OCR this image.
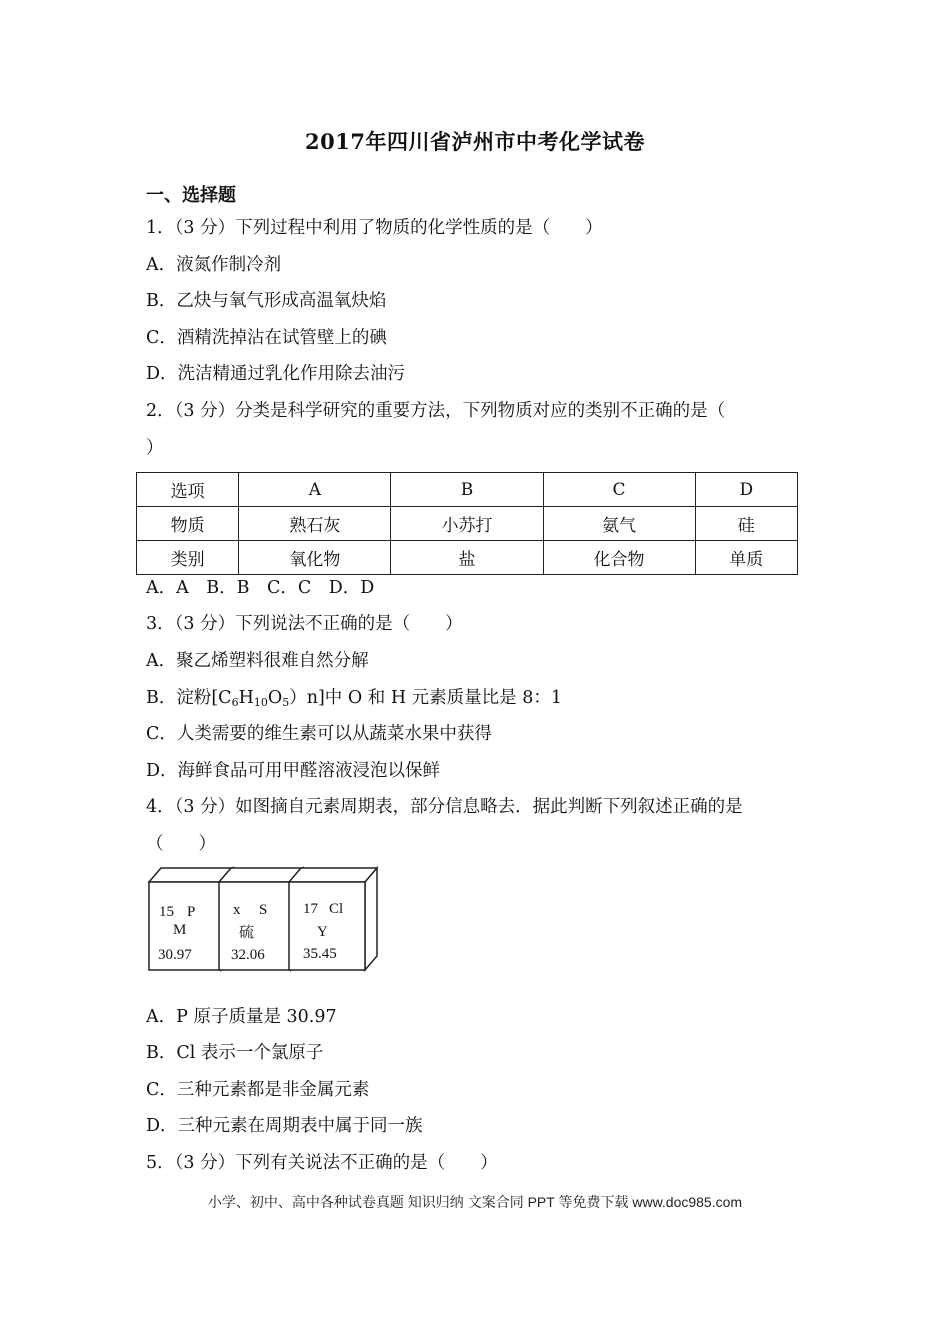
2017年四川省泸州市中考化学试卷
一、选择题
1．（3 分）下列过程中利用了物质的化学性质的是（　　）
A．液氮作制冷剂
B．乙炔与氧气形成高温氧炔焰
C．酒精洗掉沾在试管壁上的碘
D．洗洁精通过乳化作用除去油污
2．（3 分）分类是科学研究的重要方法，下列物质对应的类别不正确的是（
）
选项	A	B	C	D
物质	熟石灰	小苏打	氨气	硅
类别	氧化物	盐	化合物	单质
A．A　B．B　C．C　D．D
3．（3 分）下列说法不正确的是（　　）
A．聚乙烯塑料很难自然分解
B．淀粉$[C_6H_{10}O_5)n$]中 O 和 H 元素质量比是 8：1
C．人类需要的维生素可以从蔬菜水果中获得
D．海鲜食品可用甲醛溶液浸泡以保鲜
4．（3 分）如图摘自元素周期表，部分信息略去．据此判断下列叙述正确的是
（　　）
15 P
M
30.97
x S
硫
32.06
17 Cl
Y
35.45
A．P 原子质量是 30.97
B．Cl 表示一个氯原子
C．三种元素都是非金属元素
D．三种元素在周期表中属于同一族
5．（3 分）下列有关说法不正确的是（　　）
小学、初中、高中各种试卷真题 知识归纳 文案合同 PPT 等免费下载 www.doc985.com
